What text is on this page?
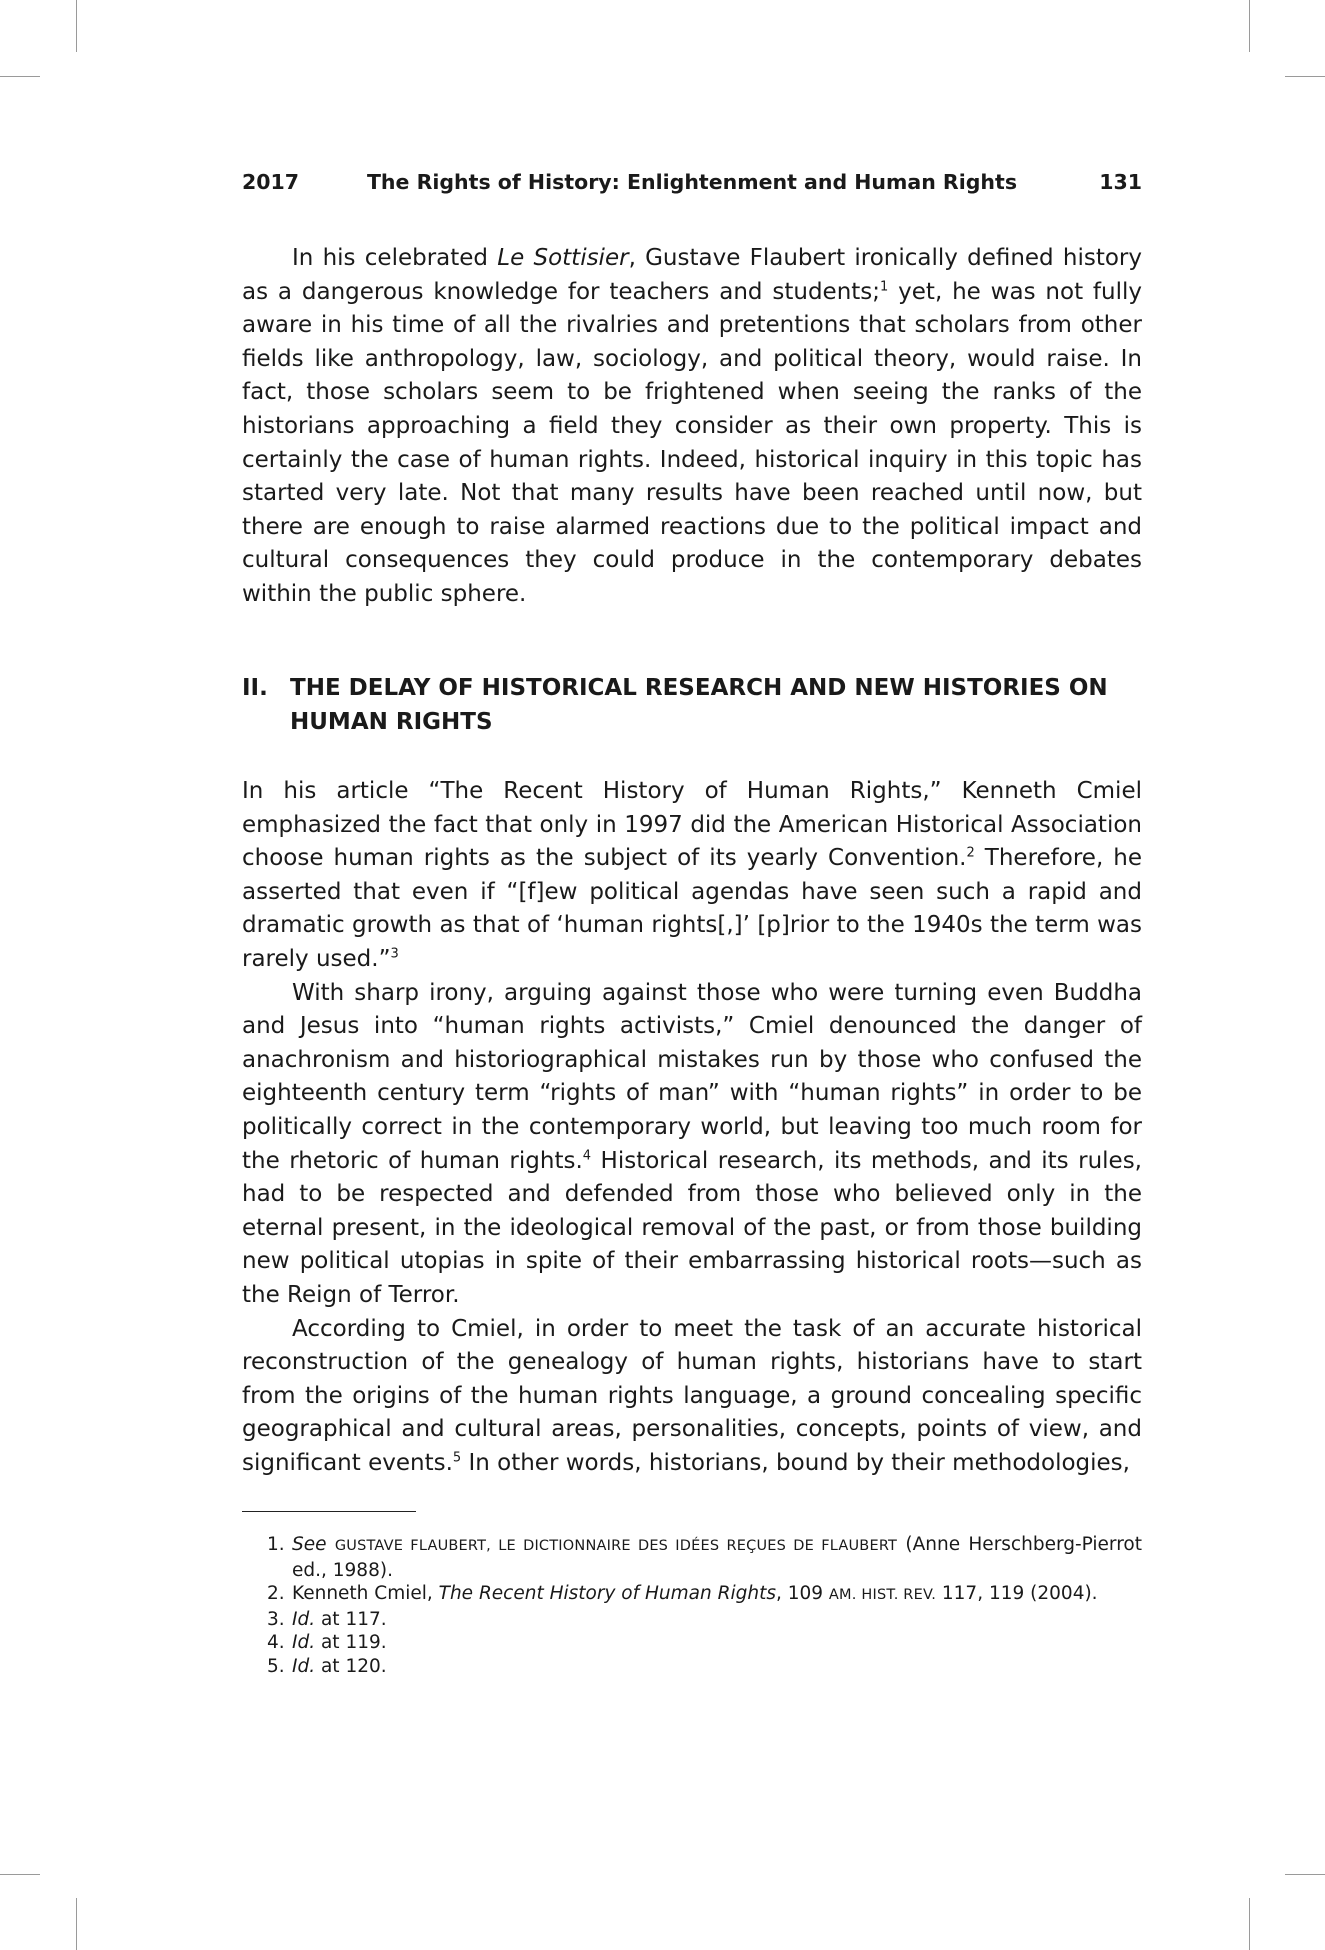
The Rights of History: Enlightenment and Human Rights
2017	131

In his celebrated Le Sottisier, Gustave Flaubert ironically defined history as a dangerous knowledge for teachers and students;$^1$ yet, he was not fully aware in his time of all the rivalries and pretentions that scholars from other fields like anthropology, law, sociology, and political theory, would raise. In fact, those scholars seem to be frightened when seeing the ranks of the historians approaching a field they consider as their own property. This is certainly the case of human rights. Indeed, historical inquiry in this topic has started very late. Not that many results have been reached until now, but there are enough to raise alarmed reactions due to the political impact and cultural consequences they could produce in the contemporary debates within the public sphere.

II. THE DELAY OF HISTORICAL RESEARCH AND NEW HISTORIES ON HUMAN RIGHTS

In his article “The Recent History of Human Rights,” Kenneth Cmiel emphasized the fact that only in 1997 did the American Historical Association choose human rights as the subject of its yearly Convention.$^2$ Therefore, he asserted that even if “[f]ew political agendas have seen such a rapid and dramatic growth as that of ‘human rights[,]’ [p]rior to the 1940s the term was rarely used.”$^3$

With sharp irony, arguing against those who were turning even Buddha and Jesus into “human rights activists,” Cmiel denounced the danger of anachronism and historiographical mistakes run by those who confused the eighteenth century term “rights of man” with “human rights” in order to be politically correct in the contemporary world, but leaving too much room for the rhetoric of human rights.$^4$ Historical research, its methods, and its rules, had to be respected and defended from those who believed only in the eternal present, in the ideological removal of the past, or from those building new political utopias in spite of their embarrassing historical roots—such as the Reign of Terror.

According to Cmiel, in order to meet the task of an accurate historical reconstruction of the genealogy of human rights, historians have to start from the origins of the human rights language, a ground concealing specific geographical and cultural areas, personalities, concepts, points of view, and significant events.$^5$ In other words, historians, bound by their methodologies,

1. See GUSTAVE FLAUBERT, LE DICTIONNAIRE DES IDÉES REÇUES DE FLAUBERT (Anne Herschberg-Pierrot ed., 1988).
2. Kenneth Cmiel, The Recent History of Human Rights, 109 AM. HIST. REV. 117, 119 (2004).
3. Id. at 117.
4. Id. at 119.
5. Id. at 120.
